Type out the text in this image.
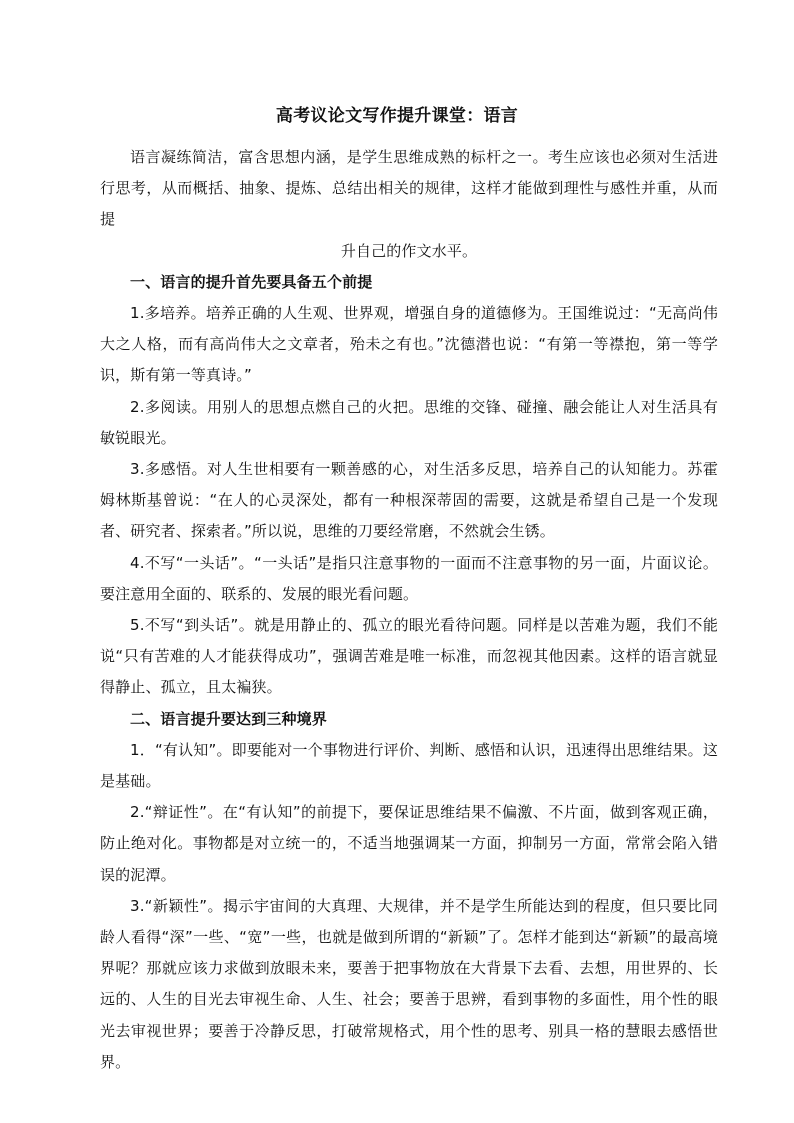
高考议论文写作提升课堂：语言

语言凝练简洁，富含思想内涵，是学生思维成熟的标杆之一。考生应该也必须对生活进行思考，从而概括、抽象、提炼、总结出相关的规律，这样才能做到理性与感性并重，从而提

升自己的作文水平。

一、语言的提升首先要具备五个前提

1.多培养。培养正确的人生观、世界观，增强自身的道德修为。王国维说过：“无高尚伟大之人格，而有高尚伟大之文章者，殆未之有也。”沈德潜也说：“有第一等襟抱，第一等学识，斯有第一等真诗。”

2.多阅读。用别人的思想点燃自己的火把。思维的交锋、碰撞、融会能让人对生活具有敏锐眼光。

3.多感悟。对人生世相要有一颗善感的心，对生活多反思，培养自己的认知能力。苏霍姆林斯基曾说：“在人的心灵深处，都有一种根深蒂固的需要，这就是希望自己是一个发现者、研究者、探索者。”所以说，思维的刀要经常磨，不然就会生锈。

4.不写“一头话”。“一头话”是指只注意事物的一面而不注意事物的另一面，片面议论。要注意用全面的、联系的、发展的眼光看问题。

5.不写“到头话”。就是用静止的、孤立的眼光看待问题。同样是以苦难为题，我们不能说“只有苦难的人才能获得成功”，强调苦难是唯一标准，而忽视其他因素。这样的语言就显得静止、孤立，且太褊狭。

二、语言提升要达到三种境界

1．“有认知”。即要能对一个事物进行评价、判断、感悟和认识，迅速得出思维结果。这是基础。

2.“辩证性”。在“有认知”的前提下，要保证思维结果不偏激、不片面，做到客观正确，防止绝对化。事物都是对立统一的，不适当地强调某一方面，抑制另一方面，常常会陷入错误的泥潭。

3.“新颖性”。揭示宇宙间的大真理、大规律，并不是学生所能达到的程度，但只要比同龄人看得“深”一些、“宽”一些，也就是做到所谓的“新颖”了。怎样才能到达“新颖”的最高境界呢？那就应该力求做到放眼未来，要善于把事物放在大背景下去看、去想，用世界的、长远的、人生的目光去审视生命、人生、社会；要善于思辨，看到事物的多面性，用个性的眼光去审视世界；要善于冷静反思，打破常规格式，用个性的思考、别具一格的慧眼去感悟世界。
